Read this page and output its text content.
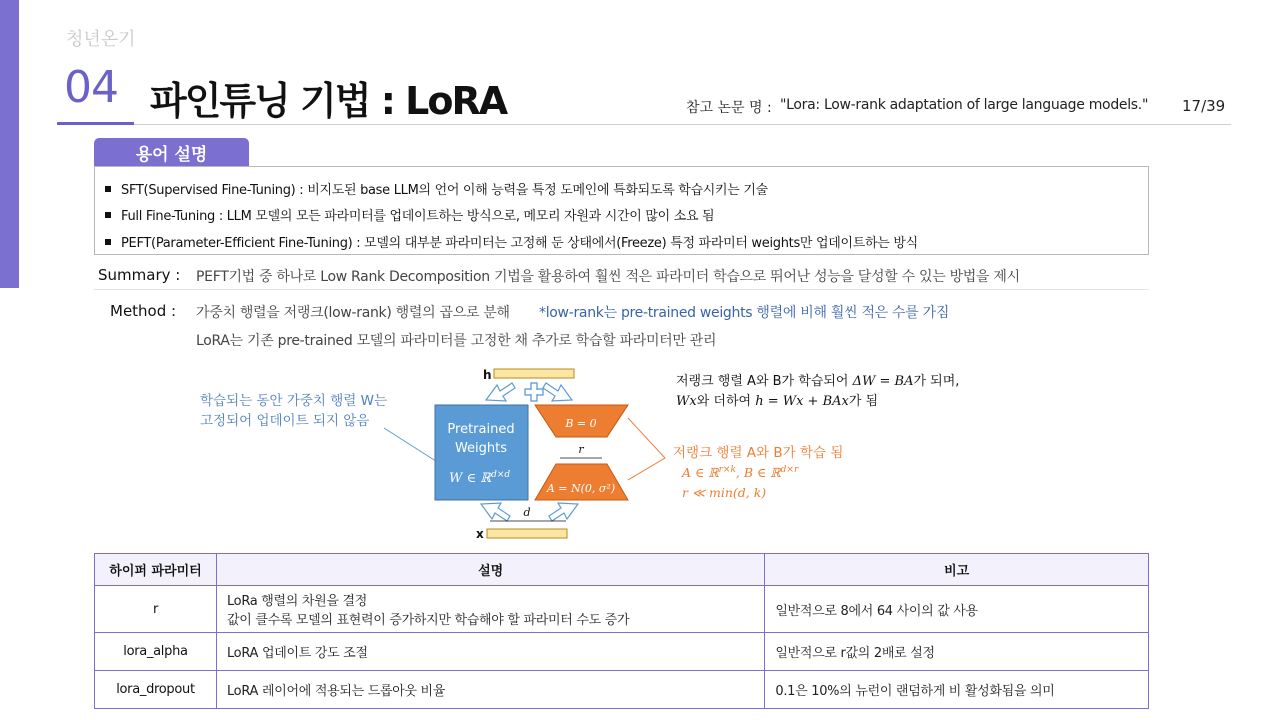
청년온기
04 파인튜닝 기법 : LoRA	참고 논문 명 : "Lora: Low-rank adaptation of large language models." 17/39
용어 설명
SFT(Supervised Fine-Tuning) : 비지도된 base LLM의 언어 이해 능력을 특정 도메인에 특화되도록 학습시키는 기술
Full Fine-Tuning : LLM 모델의 모든 파라미터를 업데이트하는 방식으로, 메모리 자원과 시간이 많이 소요 됨
PEFT(Parameter-Efficient Fine-Tuning) : 모델의 대부분 파라미터는 고정해 둔 상태에서(Freeze) 특정 파라미터 weights만 업데이트하는 방식
Summary : PEFT기법 중 하나로 Low Rank Decomposition 기법을 활용하여 훨씬 적은 파라미터 학습으로 뛰어난 성능을 달성할 수 있는 방법을 제시
Method : 가중치 행렬을 저랭크(low-rank) 행렬의 곱으로 분해 *low-rank는 pre-trained weights 행렬에 비해 훨씬 적은 수를 가짐
LoRA는 기존 pre-trained 모델의 파라미터를 고정한 채 추가로 학습할 파라미터만 관리
학습되는 동안 가중치 행렬 W는
고정되어 업데이트 되지 않음
h
Pretrained
Weights
W ∈ ℝ$^{d\times d}$
B = 0
r
A = N(0, σ²)
d
x
저랭크 행렬 A와 B가 학습되어 ΔW = BA가 되며,
Wx와 더하여 h = Wx + BAx가 됨
저랭크 행렬 A와 B가 학습 됨
A ∈ ℝ$^{r\times k}$, B ∈ ℝ$^{d\times r}$
r ≪ min(d, k)
하이퍼 파라미터	설명	비고
r	LoRa 행렬의 차원을 결정
값이 클수록 모델의 표현력이 증가하지만 학습해야 할 파라미터 수도 증가	일반적으로 8에서 64 사이의 값 사용
lora_alpha	LoRA 업데이트 강도 조절	일반적으로 r값의 2배로 설정
lora_dropout	LoRA 레이어에 적용되는 드롭아웃 비율	0.1은 10%의 뉴런이 랜덤하게 비 활성화됨을 의미
